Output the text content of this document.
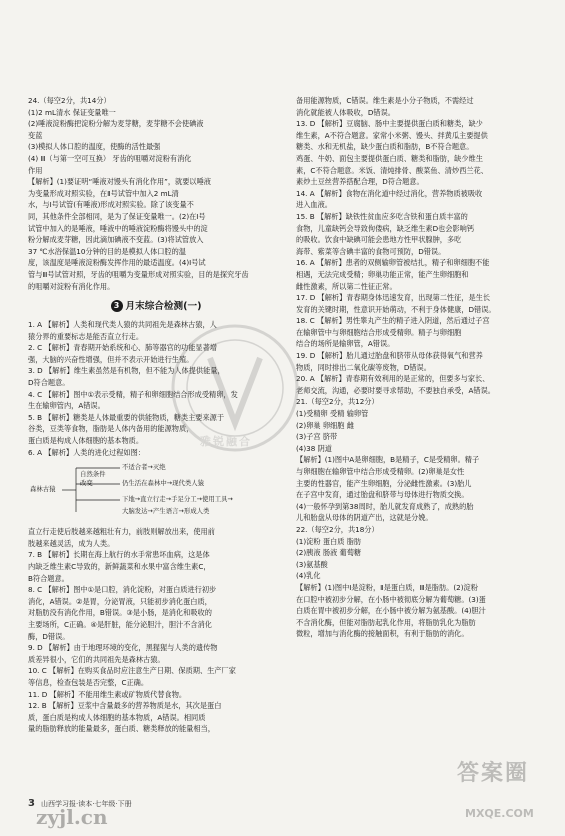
24.（每空2分，共14分）

(1)2 mL清水 保证变量唯一

(2)唾液淀粉酶把淀粉分解为麦芽糖，麦芽糖不会使碘液

变蓝

(3)模拟人体口腔的温度，使酶的活性最强

(4) Ⅲ（与第一空可互换） 牙齿的咀嚼对淀粉有消化

作用

【解析】(1)要证明“唾液对馒头有消化作用”，就要以唾液

为变量形成对照实验，在Ⅱ号试管中加入2 mL清

水，与Ⅰ号试管(有唾液)形成对照实验。除了该变量不

同，其他条件全部相同，是为了保证变量唯一。(2)在Ⅰ号

试管中加入的是唾液，唾液中的唾液淀粉酶将馒头中的淀

粉分解成麦芽糖，因此滴加碘液不变蓝。(3)将试管放入

37 ℃水浴保温10分钟的目的是模拟人体口腔的温

度，该温度是唾液淀粉酶发挥作用的最适温度。(4)Ⅰ号试

管与Ⅲ号试管对照，牙齿的咀嚼为变量形成对照实验，目的是探究牙齿

的咀嚼对淀粉有消化作用。

3 月末综合检测(一)

1. A 【解析】人类和现代类人猿的共同祖先是森林古猿，人

猿分界的重要标志是能否直立行走。

2. C 【解析】青春期开始系统和心、肺等器官的功能显著增

强，大脑的兴奋性增强，但并不表示开始进行生殖。

3. D 【解析】维生素虽然是有机物，但不能为人体提供能量，

D符合题意。

4. C 【解析】图中①表示受精，精子和卵细胞结合形成受精卵，发

生在输卵管内，A错误。

5. B 【解析】糖类是人体最重要的供能物质，糖类主要来源于

谷类，豆类等食物，脂肪是人体内备用的能源物质，

蛋白质是构成人体细胞的基本物质。

6. A 【解析】人类的进化过程如图：

森林古猿
自然条件
改变
不适合者→灭绝
仍生活在森林中→现代类人猿
下地→直立行走→手足分工→使用工具→
大脑发达→产生语言→形成人类

直立行走使后肢越来越粗壮有力，前肢则解放出来，使用前

肢越来越灵活，成为人类。

7. B 【解析】长期在海上航行的水手常患坏血病，这是体

内缺乏维生素C导致的，新鲜蔬菜和水果中富含维生素C，

B符合题意。

8. C 【解析】图中①是口腔，消化淀粉，对蛋白质进行初步

消化，A错误。②是胃，分泌胃液，只能初步消化蛋白质，

对脂肪没有消化作用，B错误。③是小肠，是消化和吸收的

主要场所，C正确。④是肝脏，能分泌胆汁，胆汁不含消化

酶，D错误。

9. D 【解析】由于地理环境的变化，黑猩猩与人类的遗传物

质差异很小，它们的共同祖先是森林古猿。

10. C 【解析】在购买食品时应注意生产日期、保质期、生产厂家

等信息，检查包装是否完整，C正确。

11. D 【解析】不能用维生素或矿物质代替食物。

12. B 【解析】豆浆中含量最多的营养物质是水，其次是蛋白

质，蛋白质是构成人体细胞的基本物质，A错误。相同质

量的脂肪释放的能量最多，蛋白质、糖类释放的能量相当，

备用能源物质，C错误。维生素是小分子物质，不需经过

消化就能被人体吸收，D错误。

13. D 【解析】豆腐脑、肠中主要提供蛋白质和糖类，缺少

维生素，A不符合题意。家常小米粥、馒头、拌黄瓜主要提供

糖类、水和无机盐，缺少蛋白质和脂肪，B不符合题意。

鸡蛋、牛奶、面包主要提供蛋白质、糖类和脂肪，缺少维生

素，C不符合题意。米饭、清炖排骨、酸菜鱼、清炒西兰花、

素炒土豆丝营养搭配合理，D符合题意。

14. A 【解析】食物在消化道中经过消化，营养物质被吸收

进入血液。

15. B 【解析】缺铁性贫血应多吃含铁和蛋白质丰富的

食物，儿童缺钙会导致佝偻病，缺乏维生素D也会影响钙

的吸收。饮食中缺碘可能会患地方性甲状腺肿，多吃

海带、紫菜等含碘丰富的食物可预防，D错误。

16. A 【解析】患者的双侧输卵管被结扎，精子和卵细胞不能

相遇，无法完成受精；卵巢功能正常，能产生卵细胞和

雌性激素，所以第二性征正常。

17. D 【解析】青春期身体迅速发育，出现第二性征，是生长

发育的关键时期，性意识开始萌动，不利于身体健康，D错误。

18. C 【解析】男性睾丸产生的精子进入阴道，然后通过子宫

在输卵管中与卵细胞结合形成受精卵。精子与卵细胞

结合的场所是输卵管，A错误。

19. D 【解析】胎儿通过胎盘和脐带从母体获得氧气和营养

物质，同时排出二氧化碳等废物，D错误。

20. A 【解析】青春期有效利用的是正常的，但要多与家长、

老师交流，沟通，必要时要寻求帮助，不要独自承受，A错误。

21.（每空2分，共12分）

(1)受精卵 受精 输卵管

(2)卵巢 卵细胞 雌

(3)子宫 脐带

(4)38 阴道

【解析】(1)图中A是卵细胞，B是精子，C是受精卵。精子

与卵细胞在输卵管中结合形成受精卵。(2)卵巢是女性

主要的性器官，能产生卵细胞，分泌雌性激素。(3)胎儿

在子宫中发育，通过胎盘和脐带与母体进行物质交换。

(4)一般怀孕到第38周时，胎儿就发育成熟了，成熟的胎

儿和胎盘从母体的阴道产出，这就是分娩。

22.（每空2分，共18分）

(1)淀粉 蛋白质 脂肪

(2)胰液 肠液 葡萄糖

(3)氨基酸

(4)乳化

【解析】(1)图中Ⅰ是淀粉，Ⅱ是蛋白质，Ⅲ是脂肪。(2)淀粉

在口腔中被初步分解，在小肠中被彻底分解为葡萄糖。(3)蛋

白质在胃中被初步分解，在小肠中被分解为氨基酸。(4)胆汁

不含消化酶，但能对脂肪起乳化作用，将脂肪乳化为脂肪

微粒，增加与消化酶的接触面积，有利于脂肪的消化。

雅锐融合
3 山西学习报·读本·七年级·下册
zyjl.cn
答案圈
MXQE.COM
